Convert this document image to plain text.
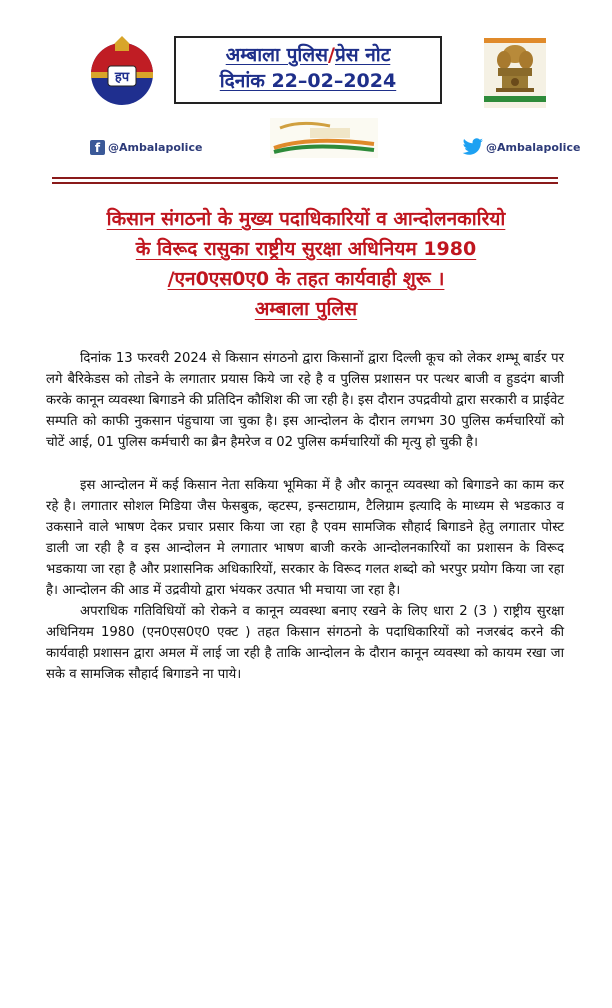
हप
अम्बाला पुलिस/प्रेस नोट
दिनांक 22–02–2024
f @Ambalapolice	@Ambalapolice
किसान संगठनो के मुख्य पदाधिकारियों व आन्दोलनकारियो
के विरूद रासुका राष्ट्रीय सुरक्षा अधिनियम 1980
/एन0एस0ए0 के तहत कार्यवाही शुरू ।
अम्बाला पुलिस

दिनांक 13 फरवरी 2024 से किसान संगठनो द्वारा किसानों द्वारा दिल्ली कूच को लेकर शम्भू बार्डर पर लगे बैरिकेडस को तोडने के लगातार प्रयास किये जा रहे है व पुलिस प्रशासन पर पत्थर बाजी व हुडदंग बाजी करके कानून व्यवस्था बिगाडने की प्रतिदिन कौशिश की जा रही है। इस दौरान उपद्रवीयो द्वारा सरकारी व प्राईवेट सम्पति को काफी नुकसान पंहुचाया जा चुका है। इस आन्दोलन के दौरान लगभग 30 पुलिस कर्मचारियों को चोटें आई, 01 पुलिस कर्मचारी का ब्रैन हैमरेज व 02 पुलिस कर्मचारियों की मृत्यु हो चुकी है।

इस आन्दोलन में कई किसान नेता सकिया भूमिका में है और कानून व्यवस्था को बिगाडने का काम कर रहे है। लगातार सोशल मिडिया जैस फेसबुक, व्हटस्प, इन्सटाग्राम, टैलिग्राम इत्यादि के माध्यम से भडकाउ व उकसाने वाले भाषण देकर प्रचार प्रसार किया जा रहा है एवम सामजिक सौहार्द बिगाडने हेतु लगातार पोस्ट डाली जा रही है व इस आन्दोलन मे लगातार भाषण बाजी करके आन्दोलनकारियों का प्रशासन के विरूद भडकाया जा रहा है और प्रशासनिक अधिकारियों, सरकार के विरूद गलत शब्दो को भरपुर प्रयोग किया जा रहा है। आन्दोलन की आड में उद्रवीयो द्वारा भंयकर उत्पात भी मचाया जा रहा है।

अपराधिक गतिविधियों को रोकने व कानून व्यवस्था बनाए रखने के लिए धारा 2 (3 ) राष्ट्रीय सुरक्षा अधिनियम 1980 (एन0एस0ए0 एक्ट ) तहत किसान संगठनो के पदाधिकारियों को नजरबंद करने की कार्यवाही प्रशासन द्वारा अमल में लाई जा रही है ताकि आन्दोलन के दौरान कानून व्यवस्था को कायम रखा जा सके व सामजिक सौहार्द बिगाडने ना पाये।
